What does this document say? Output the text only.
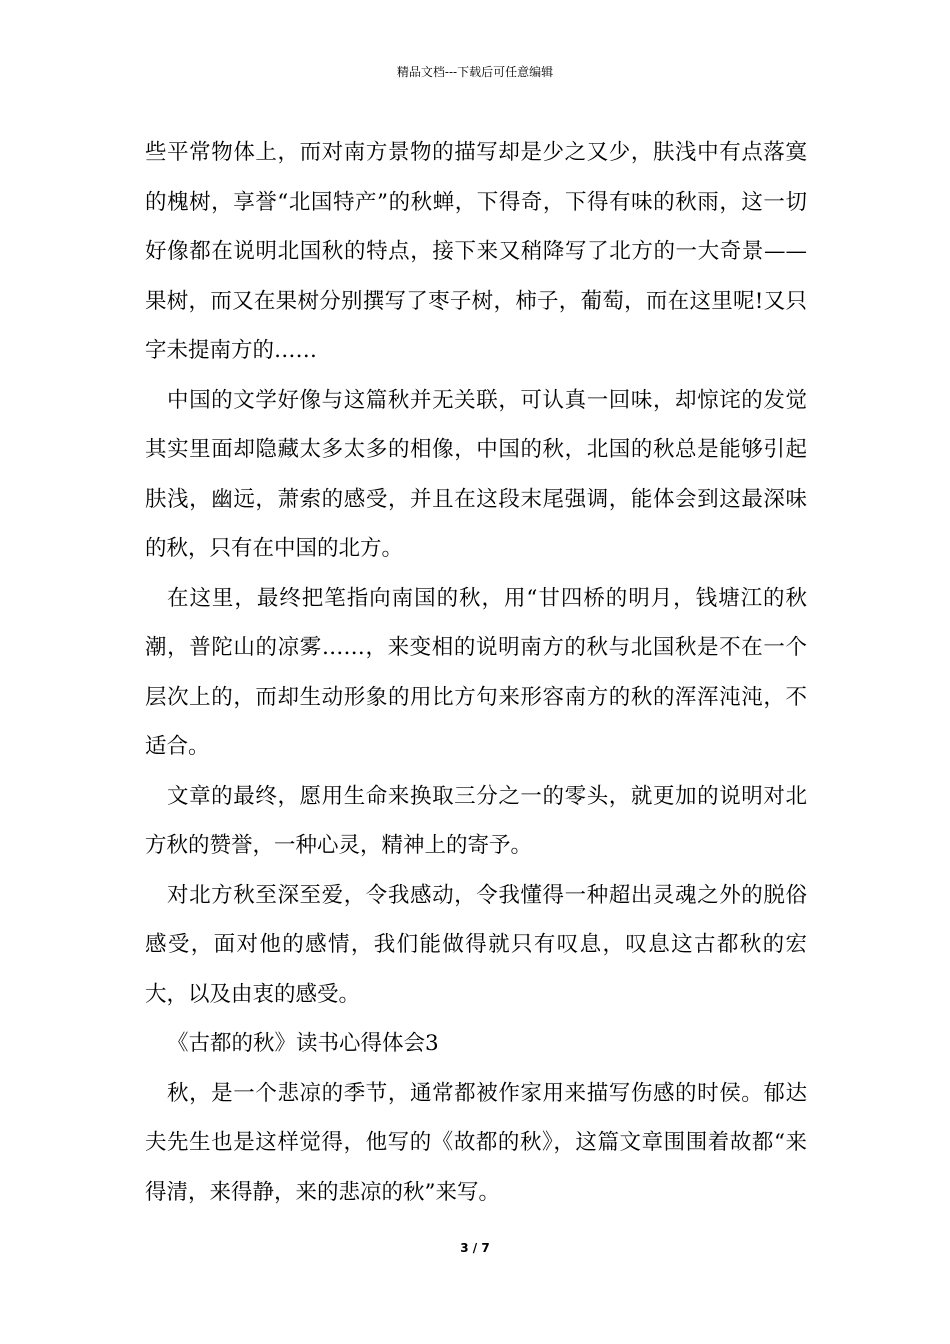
精品文档---下载后可任意编辑

些平常物体上，而对南方景物的描写却是少之又少，肤浅中有点落寞的槐树，享誉“北国特产”的秋蝉，下得奇，下得有味的秋雨，这一切好像都在说明北国秋的特点，接下来又稍降写了北方的一大奇景——果树，而又在果树分别撰写了枣子树，柿子，葡萄，而在这里呢!又只字未提南方的……

中国的文学好像与这篇秋并无关联，可认真一回味，却惊诧的发觉其实里面却隐藏太多太多的相像，中国的秋，北国的秋总是能够引起肤浅，幽远，萧索的感受，并且在这段末尾强调，能体会到这最深味的秋，只有在中国的北方。

在这里，最终把笔指向南国的秋，用“甘四桥的明月，钱塘江的秋潮，普陀山的凉雾……，来变相的说明南方的秋与北国秋是不在一个层次上的，而却生动形象的用比方句来形容南方的秋的浑浑沌沌，不适合。

文章的最终，愿用生命来换取三分之一的零头，就更加的说明对北方秋的赞誉，一种心灵，精神上的寄予。

对北方秋至深至爱，令我感动，令我懂得一种超出灵魂之外的脱俗感受，面对他的感情，我们能做得就只有叹息，叹息这古都秋的宏大，以及由衷的感受。

《古都的秋》读书心得体会3

秋，是一个悲凉的季节，通常都被作家用来描写伤感的时侯。郁达夫先生也是这样觉得，他写的《故都的秋》，这篇文章围围着故都“来得清，来得静，来的悲凉的秋”来写。

3 / 7
